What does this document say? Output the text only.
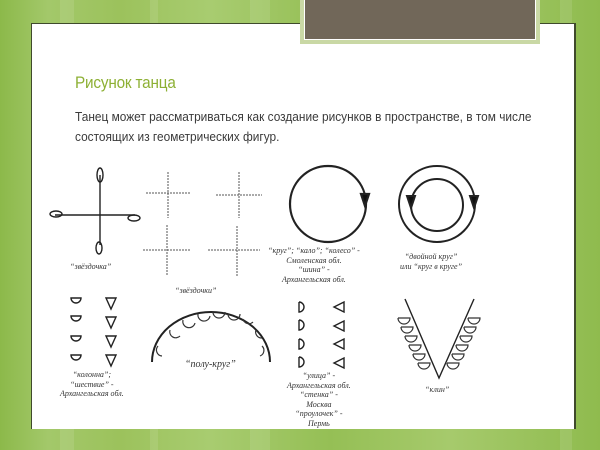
Рисунок танца
Танец может рассматриваться как создание рисунков в пространстве, в том числе состоящих из геометрических фигур.
“звёздочка”
“звёздочки”
“круг”; “кало”; “колесо” -
Смоленская обл.
“шина” -
Архангельская обл.
“двойной круг”
или “круг в круге”
“колонна”;
“шествие” -
Архангельская обл.
“полу-круг”
“улица” -
Архангельская обл.
“стенка” -
Москва
“проулочек” -
Пермь
“клин”
